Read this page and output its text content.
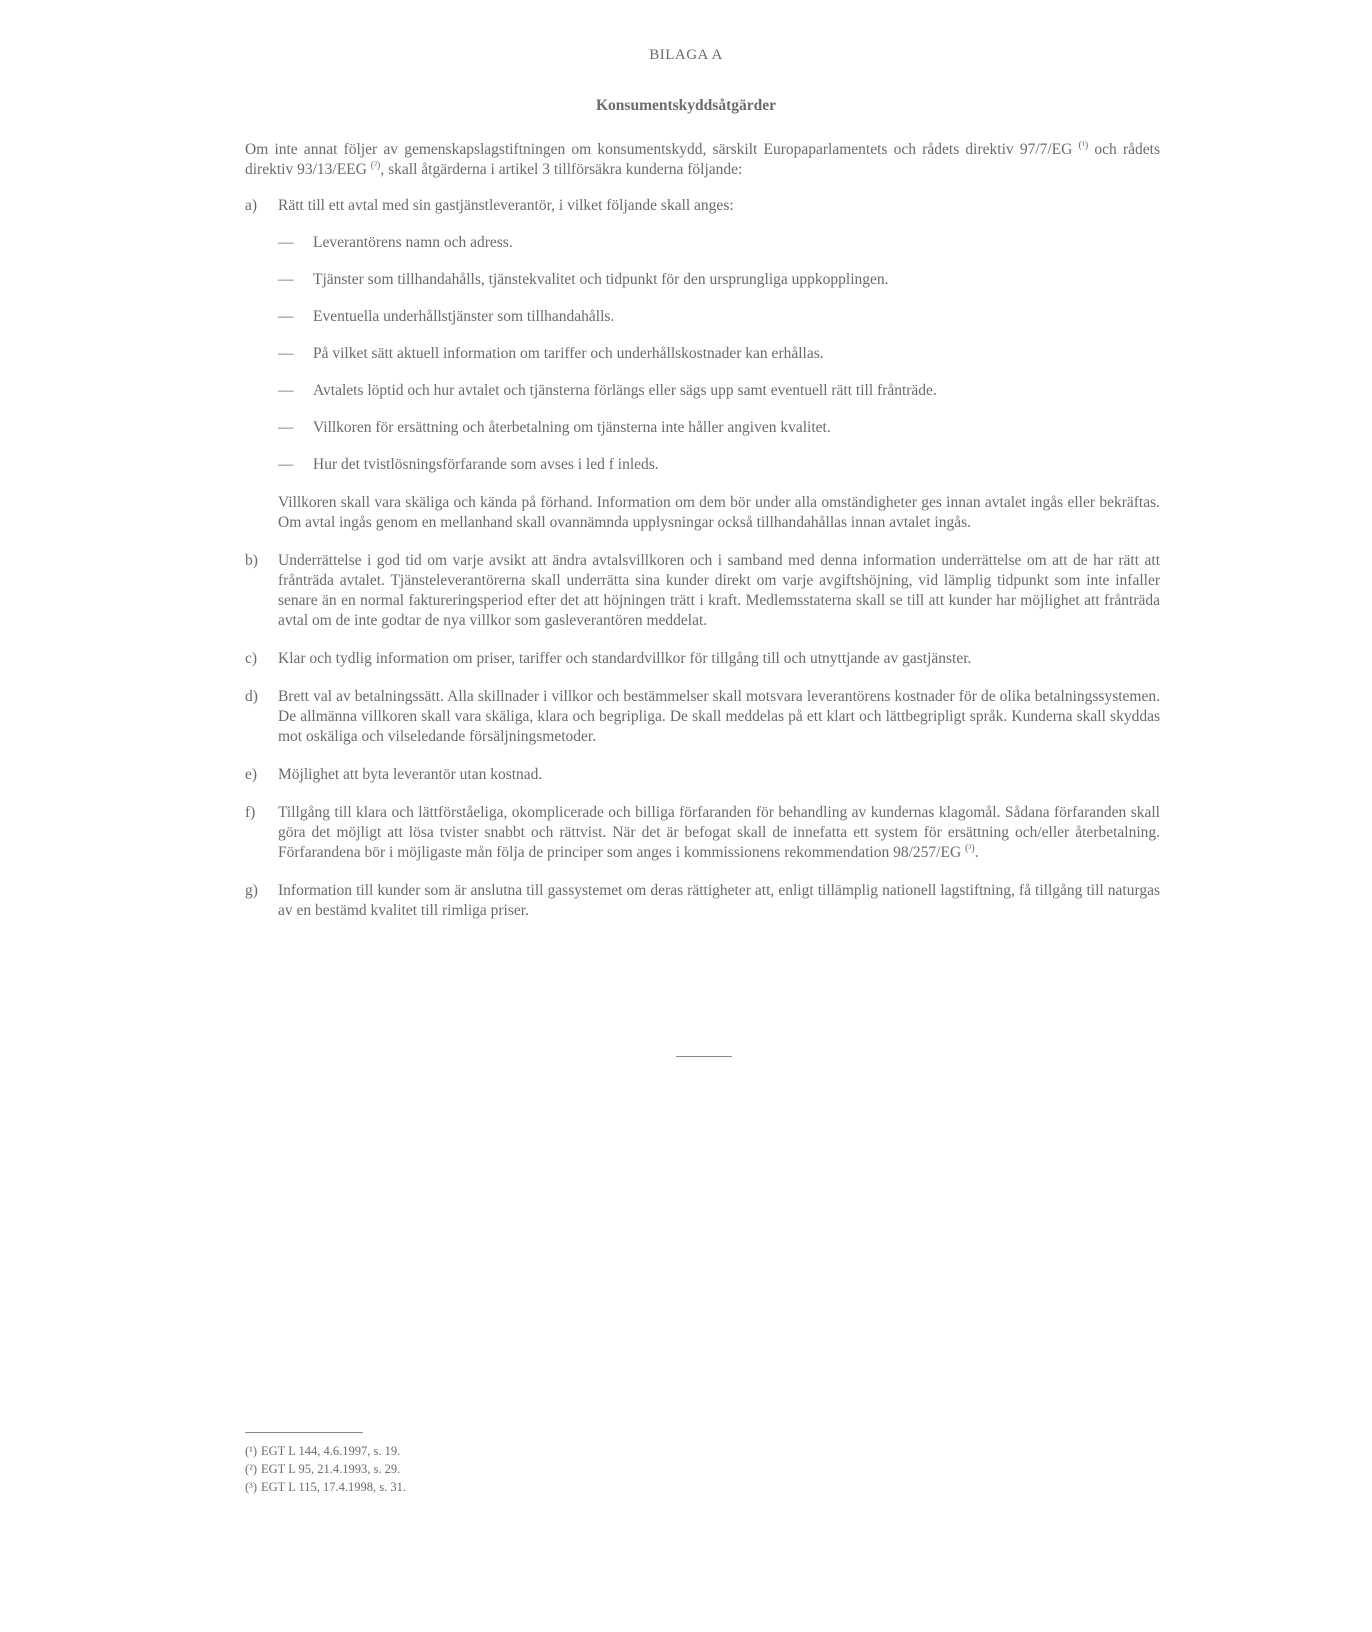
BILAGA A
Konsumentskyddsåtgärder

Om inte annat följer av gemenskapslagstiftningen om konsumentskydd, särskilt Europaparlamentets och rådets direktiv 97/7/EG $^{(^1)}$ och rådets direktiv 93/13/EEG $^{(^2)}$, skall åtgärderna i artikel 3 tillförsäkra kunderna följande:

a)	Rätt till ett avtal med sin gastjänstleverantör, i vilket följande skall anges:

—	Leverantörens namn och adress.
—	Tjänster som tillhandahålls, tjänstekvalitet och tidpunkt för den ursprungliga uppkopplingen.
—	Eventuella underhållstjänster som tillhandahålls.
—	På vilket sätt aktuell information om tariffer och underhållskostnader kan erhållas.
—	Avtalets löptid och hur avtalet och tjänsterna förlängs eller sägs upp samt eventuell rätt till frånträde.
—	Villkoren för ersättning och återbetalning om tjänsterna inte håller angiven kvalitet.
—	Hur det tvistlösningsförfarande som avses i led f inleds.

Villkoren skall vara skäliga och kända på förhand. Information om dem bör under alla omständigheter ges innan avtalet ingås eller bekräftas. Om avtal ingås genom en mellanhand skall ovannämnda upplysningar också tillhandahållas innan avtalet ingås.

b)	Underrättelse i god tid om varje avsikt att ändra avtalsvillkoren och i samband med denna information underrättelse om att de har rätt att frånträda avtalet. Tjänsteleverantörerna skall underrätta sina kunder direkt om varje avgiftshöjning, vid lämplig tidpunkt som inte infaller senare än en normal faktureringsperiod efter det att höjningen trätt i kraft. Medlemsstaterna skall se till att kunder har möjlighet att frånträda avtal om de inte godtar de nya villkor som gasleverantören meddelat.

c)	Klar och tydlig information om priser, tariffer och standardvillkor för tillgång till och utnyttjande av gastjänster.

d)	Brett val av betalningssätt. Alla skillnader i villkor och bestämmelser skall motsvara leverantörens kostnader för de olika betalningssystemen. De allmänna villkoren skall vara skäliga, klara och begripliga. De skall meddelas på ett klart och lättbegripligt språk. Kunderna skall skyddas mot oskäliga och vilseledande försäljningsmetoder.

e)	Möjlighet att byta leverantör utan kostnad.

f)	Tillgång till klara och lättförståeliga, okomplicerade och billiga förfaranden för behandling av kundernas klagomål. Sådana förfaranden skall göra det möjligt att lösa tvister snabbt och rättvist. När det är befogat skall de innefatta ett system för ersättning och/eller återbetalning. Förfarandena bör i möjligaste mån följa de principer som anges i kommissionens rekommendation 98/257/EG $^{(^3)}$.

g)	Information till kunder som är anslutna till gassystemet om deras rättigheter att, enligt tillämplig nationell lagstiftning, få tillgång till naturgas av en bestämd kvalitet till rimliga priser.

(¹) EGT L 144, 4.6.1997, s. 19.
(²) EGT L 95, 21.4.1993, s. 29.
(³) EGT L 115, 17.4.1998, s. 31.
